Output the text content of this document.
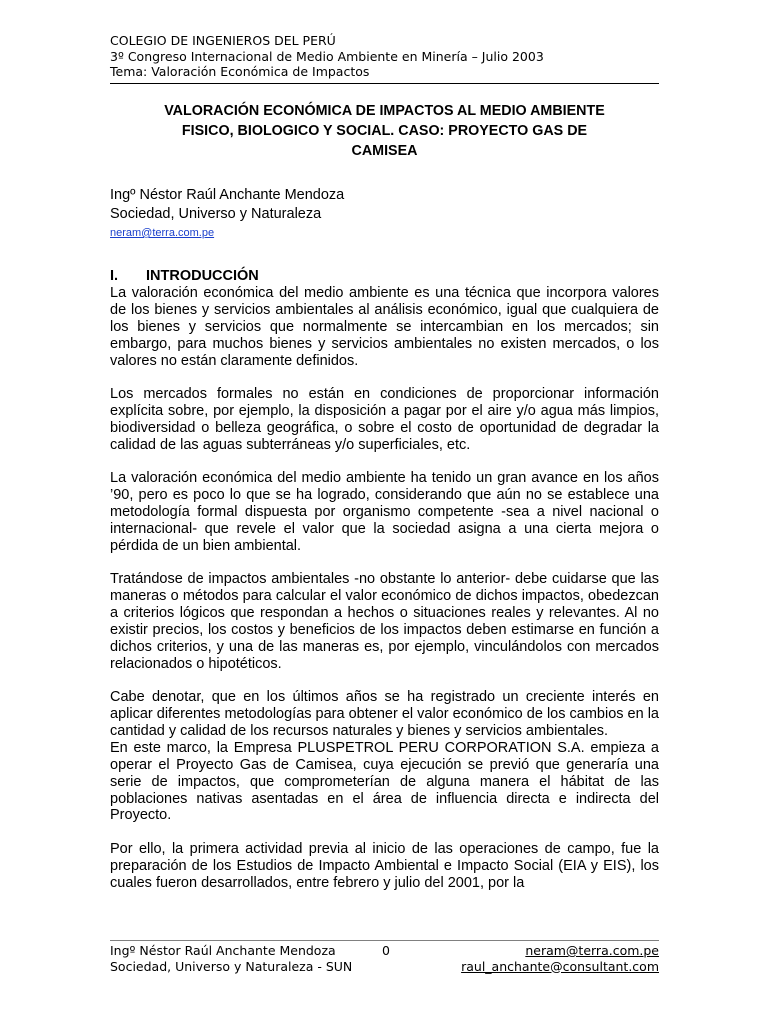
COLEGIO DE INGENIEROS DEL PERÚ
3º Congreso Internacional de Medio Ambiente en Minería – Julio 2003
Tema: Valoración Económica de Impactos
VALORACIÓN ECONÓMICA DE IMPACTOS AL MEDIO AMBIENTE
FISICO, BIOLOGICO Y SOCIAL. CASO: PROYECTO GAS DE
CAMISEA
Ingº Néstor Raúl Anchante Mendoza
Sociedad, Universo y Naturaleza
neram@terra.com.pe
I. INTRODUCCIÓN

La valoración económica del medio ambiente es una técnica que incorpora valores de los bienes y servicios ambientales al análisis económico, igual que cualquiera de los bienes y servicios que normalmente se intercambian en los mercados; sin embargo, para muchos bienes y servicios ambientales no existen mercados, o los valores no están claramente definidos.

Los mercados formales no están en condiciones de proporcionar información explícita sobre, por ejemplo, la disposición a pagar por el aire y/o agua más limpios, biodiversidad o belleza geográfica, o sobre el costo de oportunidad de degradar la calidad de las aguas subterráneas y/o superficiales, etc.

La valoración económica del medio ambiente ha tenido un gran avance en los años ’90, pero es poco lo que se ha logrado, considerando que aún no se establece una metodología formal dispuesta por organismo competente -sea a nivel nacional o internacional- que revele el valor que la sociedad asigna a una cierta mejora o pérdida de un bien ambiental.

Tratándose de impactos ambientales -no obstante lo anterior- debe cuidarse que las maneras o métodos para calcular el valor económico de dichos impactos, obedezcan a criterios lógicos que respondan a hechos o situaciones reales y relevantes. Al no existir precios, los costos y beneficios de los impactos deben estimarse en función a dichos criterios, y una de las maneras es, por ejemplo, vinculándolos con mercados relacionados o hipotéticos.

Cabe denotar, que en los últimos años se ha registrado un creciente interés en aplicar diferentes metodologías para obtener el valor económico de los cambios en la cantidad y calidad de los recursos naturales y bienes y servicios ambientales.

En este marco, la Empresa PLUSPETROL PERU CORPORATION S.A. empieza a operar el Proyecto Gas de Camisea, cuya ejecución se previó que generaría una serie de impactos, que comprometerían de alguna manera el hábitat de las poblaciones nativas asentadas en el área de influencia directa e indirecta del Proyecto.

Por ello, la primera actividad previa al inicio de las operaciones de campo, fue la preparación de los Estudios de Impacto Ambiental e Impacto Social (EIA y EIS), los cuales fueron desarrollados, entre febrero y julio del 2001, por la

Ingº Néstor Raúl Anchante Mendoza	0	neram@terra.com.pe
Sociedad, Universo y Naturaleza - SUN	raul_anchante@consultant.com
